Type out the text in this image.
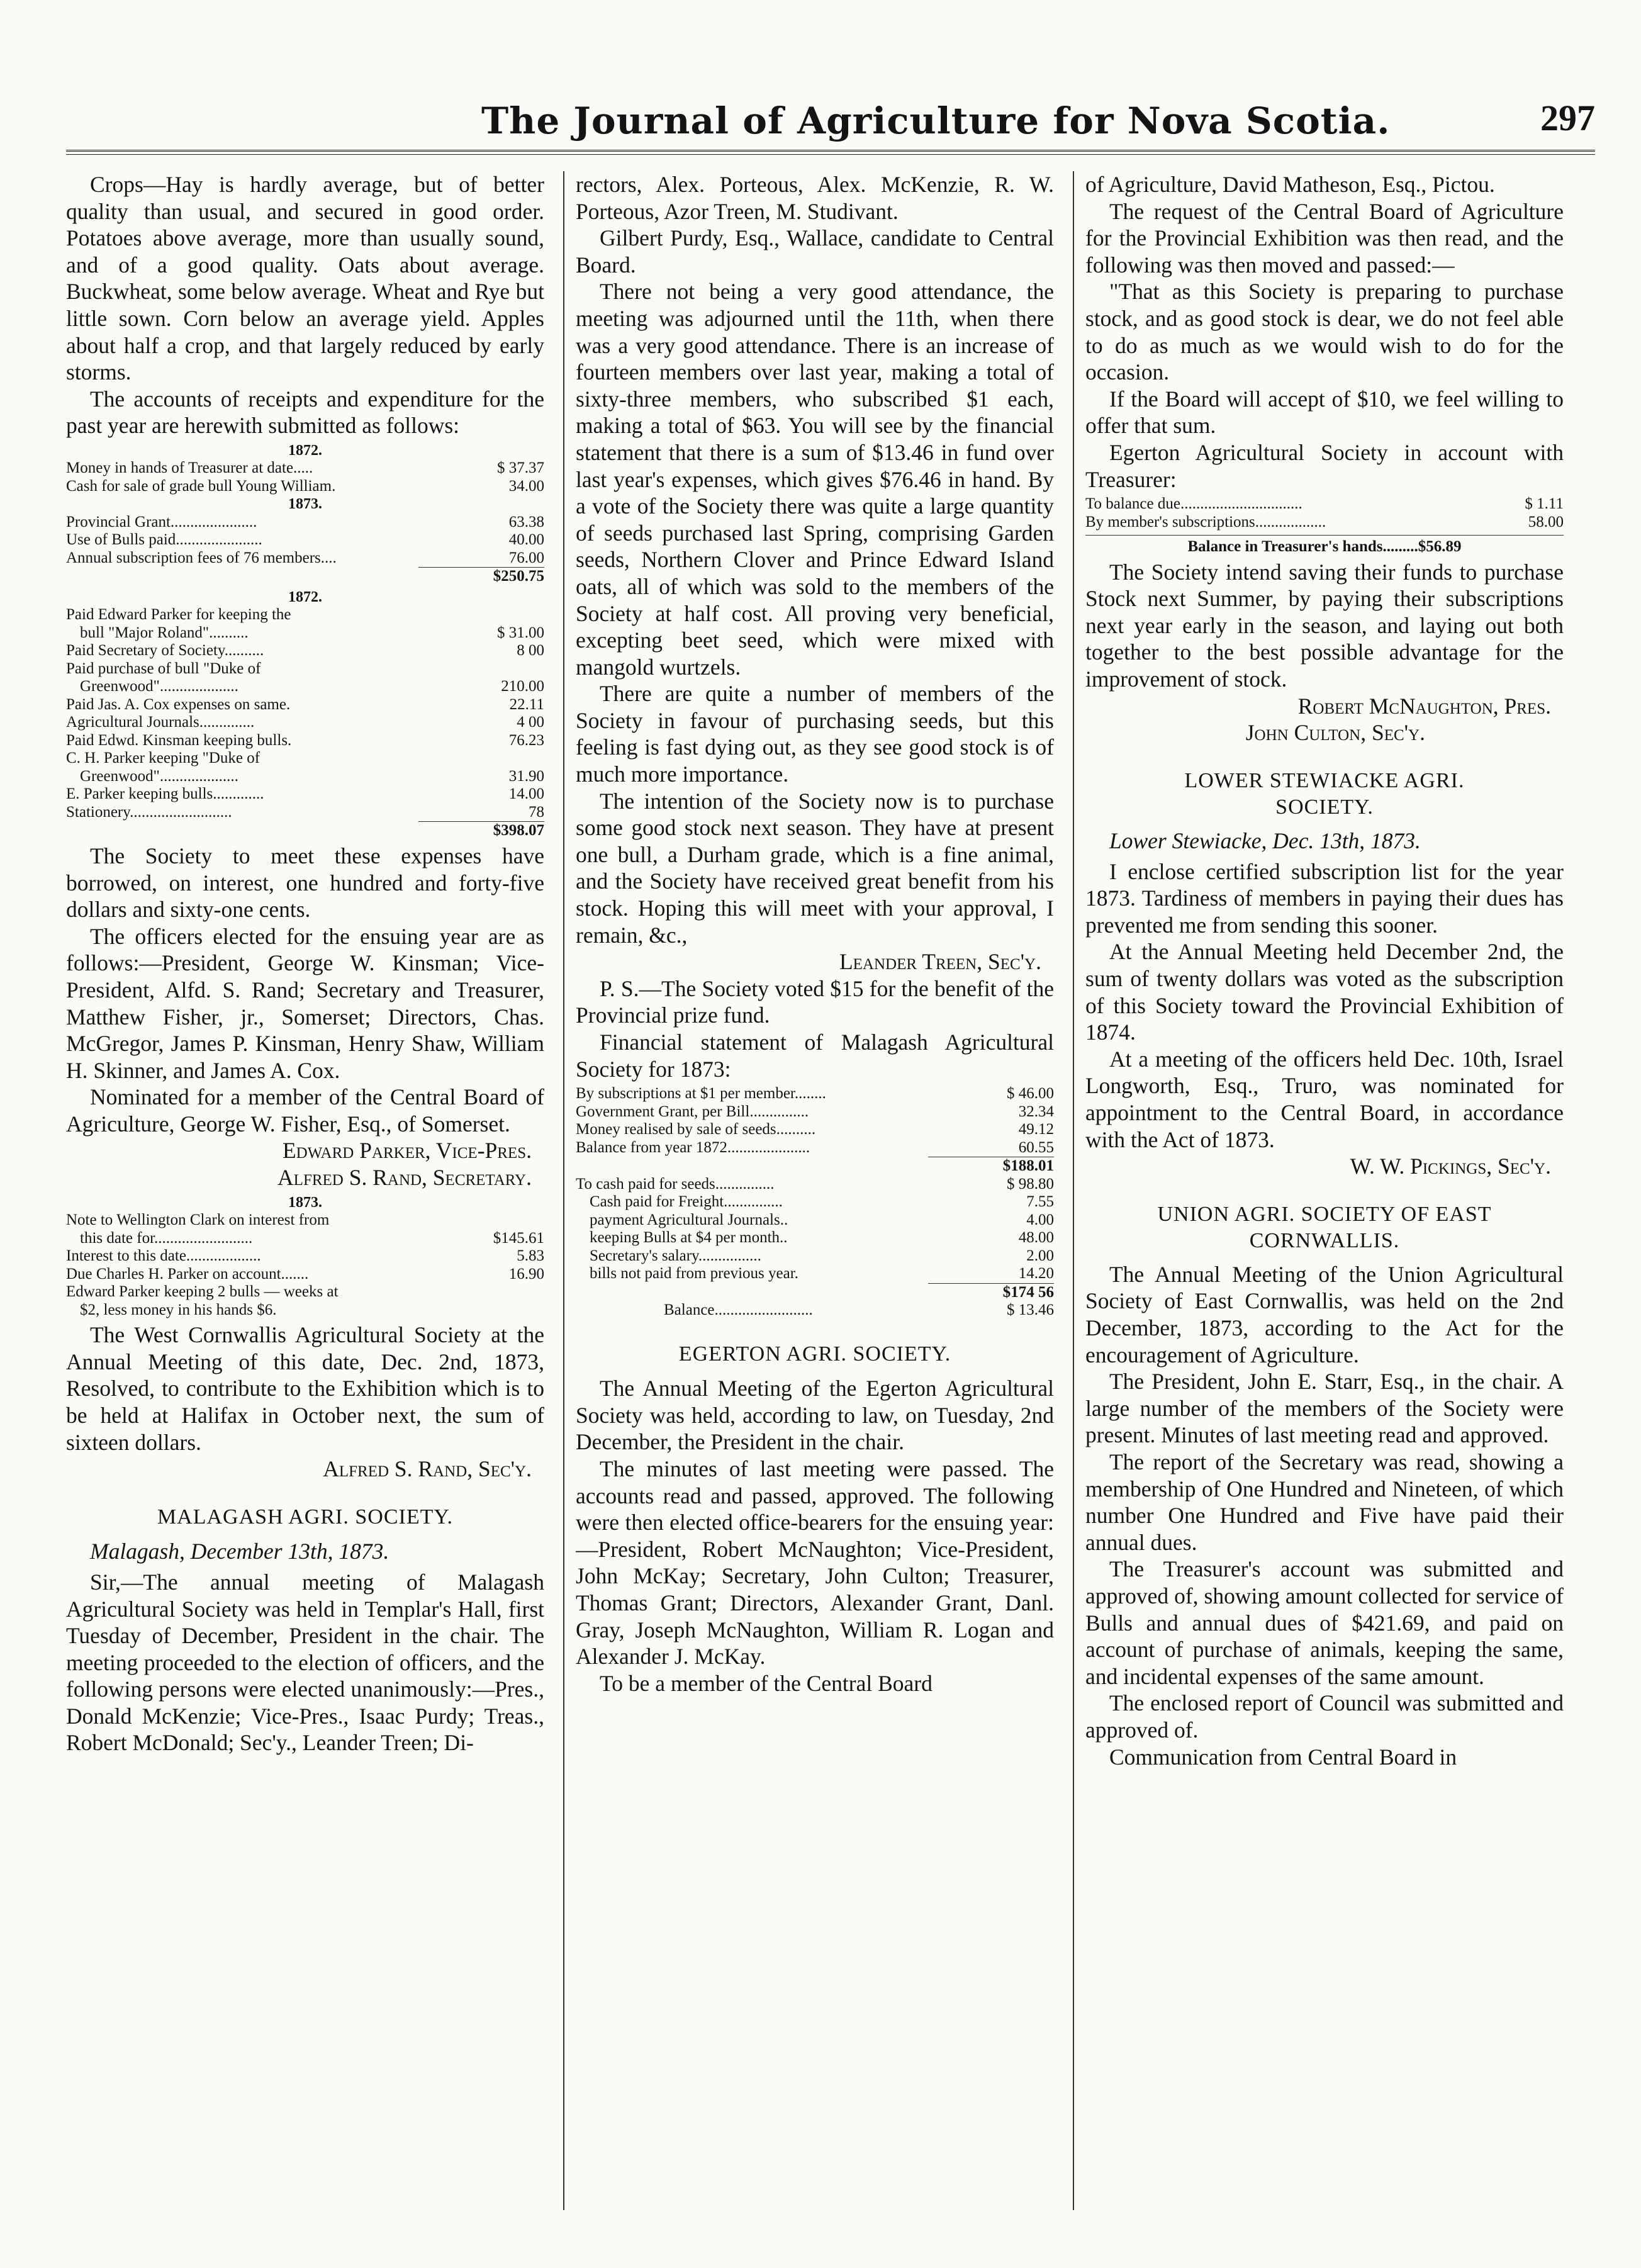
The Journal of Agriculture for Nova Scotia.	297

Crops—Hay is hardly average, but of better quality than usual, and secured in good order. Potatoes above average, more than usually sound, and of a good quality. Oats about average. Buckwheat, some below average. Wheat and Rye but little sown. Corn below an average yield. Apples about half a crop, and that largely reduced by early storms.

The accounts of receipts and expenditure for the past year are herewith submitted as follows:

1872.
Money in hands of Treasurer at date.....	$ 37.37
Cash for sale of grade bull Young William.	34.00
1873.
Provincial Grant......................	63.38
Use of Bulls paid......................	40.00
Annual subscription fees of 76 members....	76.00
$250.75
1872.
Paid Edward Parker for keeping the
bull "Major Roland"..........	$ 31.00
Paid Secretary of Society..........	8 00
Paid purchase of bull "Duke of
Greenwood"....................	210.00
Paid Jas. A. Cox expenses on same.	22.11
Agricultural Journals..............	4 00
Paid Edwd. Kinsman keeping bulls.	76.23
C. H. Parker keeping "Duke of
Greenwood"....................	31.90
E. Parker keeping bulls.............	14.00
Stationery..........................	78
$398.07

The Society to meet these expenses have borrowed, on interest, one hundred and forty-five dollars and sixty-one cents.

The officers elected for the ensuing year are as follows:—President, George W. Kinsman; Vice-President, Alfd. S. Rand; Secretary and Treasurer, Matthew Fisher, jr., Somerset; Directors, Chas. McGregor, James P. Kinsman, Henry Shaw, William H. Skinner, and James A. Cox.

Nominated for a member of the Central Board of Agriculture, George W. Fisher, Esq., of Somerset.

Edward Parker, Vice-Pres.
Alfred S. Rand, Secretary.
1873.
Note to Wellington Clark on interest from
this date for.........................	$145.61
Interest to this date...................	5.83
Due Charles H. Parker on account.......	16.90
Edward Parker keeping 2 bulls — weeks at
$2, less money in his hands $6.

The West Cornwallis Agricultural Society at the Annual Meeting of this date, Dec. 2nd, 1873, Resolved, to contribute to the Exhibition which is to be held at Halifax in October next, the sum of sixteen dollars.

Alfred S. Rand, Sec'y.
MALAGASH AGRI. SOCIETY.
Malagash, December 13th, 1873.

Sir,—The annual meeting of Malagash Agricultural Society was held in Templar's Hall, first Tuesday of December, President in the chair. The meeting proceeded to the election of officers, and the following persons were elected unanimously:—Pres., Donald McKenzie; Vice-Pres., Isaac Purdy; Treas., Robert McDonald; Sec'y., Leander Treen; Di-

rectors, Alex. Porteous, Alex. McKenzie, R. W. Porteous, Azor Treen, M. Studivant.

Gilbert Purdy, Esq., Wallace, candidate to Central Board.

There not being a very good attendance, the meeting was adjourned until the 11th, when there was a very good attendance. There is an increase of fourteen members over last year, making a total of sixty-three members, who subscribed $1 each, making a total of $63. You will see by the financial statement that there is a sum of $13.46 in fund over last year's expenses, which gives $76.46 in hand. By a vote of the Society there was quite a large quantity of seeds purchased last Spring, comprising Garden seeds, Northern Clover and Prince Edward Island oats, all of which was sold to the members of the Society at half cost. All proving very beneficial, excepting beet seed, which were mixed with mangold wurtzels.

There are quite a number of members of the Society in favour of purchasing seeds, but this feeling is fast dying out, as they see good stock is of much more importance.

The intention of the Society now is to purchase some good stock next season. They have at present one bull, a Durham grade, which is a fine animal, and the Society have received great benefit from his stock. Hoping this will meet with your approval, I remain, &c.,

Leander Treen, Sec'y.

P. S.—The Society voted $15 for the benefit of the Provincial prize fund.

Financial statement of Malagash Agricultural Society for 1873:

By subscriptions at $1 per member........	$ 46.00
Government Grant, per Bill...............	32.34
Money realised by sale of seeds..........	49.12
Balance from year 1872.....................	60.55
$188.01
To cash paid for seeds...............	$ 98.80
Cash paid for Freight...............	7.55
payment Agricultural Journals..	4.00
keeping Bulls at $4 per month..	48.00
Secretary's salary................	2.00
bills not paid from previous year.	14.20
$174 56
Balance.........................	$ 13.46
EGERTON AGRI. SOCIETY.

The Annual Meeting of the Egerton Agricultural Society was held, according to law, on Tuesday, 2nd December, the President in the chair.

The minutes of last meeting were passed. The accounts read and passed, approved. The following were then elected office-bearers for the ensuing year:—President, Robert McNaughton; Vice-President, John McKay; Secretary, John Culton; Treasurer, Thomas Grant; Directors, Alexander Grant, Danl. Gray, Joseph McNaughton, William R. Logan and Alexander J. McKay.

To be a member of the Central Board

of Agriculture, David Matheson, Esq., Pictou.

The request of the Central Board of Agriculture for the Provincial Exhibition was then read, and the following was then moved and passed:—

"That as this Society is preparing to purchase stock, and as good stock is dear, we do not feel able to do as much as we would wish to do for the occasion.

If the Board will accept of $10, we feel willing to offer that sum.

Egerton Agricultural Society in account with Treasurer:

To balance due...............................	$ 1.11
By member's subscriptions..................	58.00
Balance in Treasurer's hands.........$56.89

The Society intend saving their funds to purchase Stock next Summer, by paying their subscriptions next year early in the season, and laying out both together to the best possible advantage for the improvement of stock.

Robert McNaughton, Pres.
John Culton, Sec'y.
LOWER STEWIACKE AGRI.
SOCIETY.
Lower Stewiacke, Dec. 13th, 1873.

I enclose certified subscription list for the year 1873. Tardiness of members in paying their dues has prevented me from sending this sooner.

At the Annual Meeting held December 2nd, the sum of twenty dollars was voted as the subscription of this Society toward the Provincial Exhibition of 1874.

At a meeting of the officers held Dec. 10th, Israel Longworth, Esq., Truro, was nominated for appointment to the Central Board, in accordance with the Act of 1873.

W. W. Pickings, Sec'y.
UNION AGRI. SOCIETY OF EAST
CORNWALLIS.

The Annual Meeting of the Union Agricultural Society of East Cornwallis, was held on the 2nd December, 1873, according to the Act for the encouragement of Agriculture.

The President, John E. Starr, Esq., in the chair. A large number of the members of the Society were present. Minutes of last meeting read and approved.

The report of the Secretary was read, showing a membership of One Hundred and Nineteen, of which number One Hundred and Five have paid their annual dues.

The Treasurer's account was submitted and approved of, showing amount collected for service of Bulls and annual dues of $421.69, and paid on account of purchase of animals, keeping the same, and incidental expenses of the same amount.

The enclosed report of Council was submitted and approved of.

Communication from Central Board in
